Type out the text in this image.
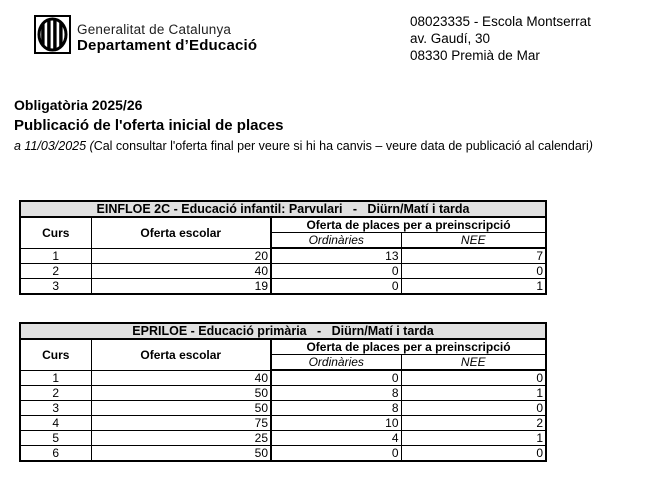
Generalitat de Catalunya
Departament d’Educació
08023335 - Escola Montserrat
av. Gaudí, 30
08330 Premià de Mar
Obligatòria 2025/26
Publicació de l'oferta inicial de places
a 11/03/2025 (Cal consultar l'oferta final per veure si hi ha canvis – veure data de publicació al calendari)
EINFLOE 2C - Educació infantil: Parvulari   -   Diürn/Matí i tarda			
Curs	Oferta escolar	Oferta de places per a preinscripció	
		Ordinàries	NEE
1	20	13	7
2	40	0	0
3	19	0	1
EPRILOE - Educació primària   -   Diürn/Matí i tarda			
Curs	Oferta escolar	Oferta de places per a preinscripció	
		Ordinàries	NEE
1	40	0	0
2	50	8	1
3	50	8	0
4	75	10	2
5	25	4	1
6	50	0	0
